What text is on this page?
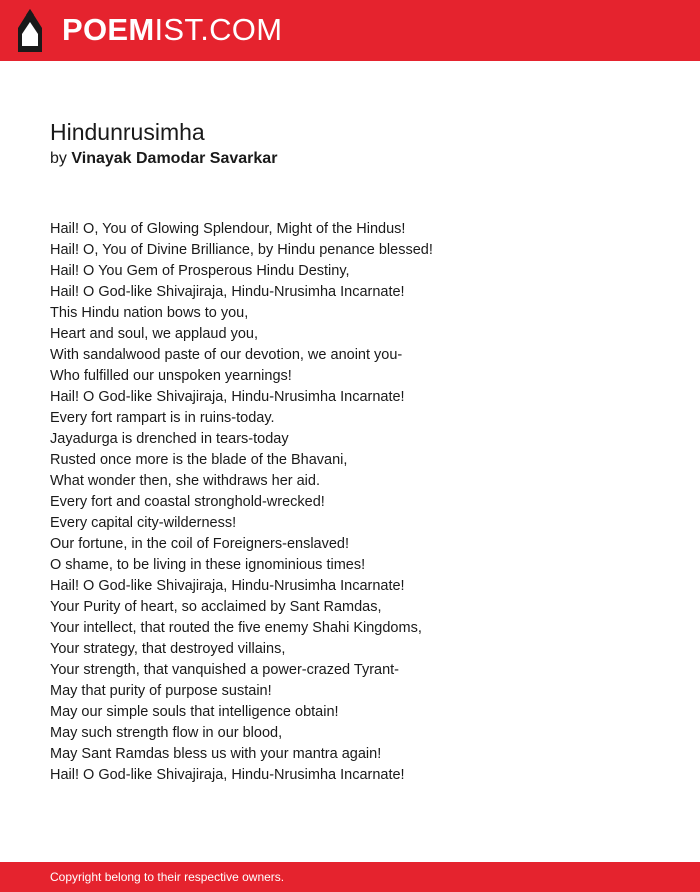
POEMIST.COM
Hindunrusimha
by Vinayak Damodar Savarkar
Hail! O, You of Glowing Splendour, Might of the Hindus!
Hail! O, You of Divine Brilliance, by Hindu penance blessed!
Hail! O You Gem of Prosperous Hindu Destiny,
Hail! O God-like Shivajiraja, Hindu-Nrusimha Incarnate!
This Hindu nation bows to you,
Heart and soul, we applaud you,
With sandalwood paste of our devotion, we anoint you-
Who fulfilled our unspoken yearnings!
Hail! O God-like Shivajiraja, Hindu-Nrusimha Incarnate!
Every fort rampart is in ruins-today.
Jayadurga is drenched in tears-today
Rusted once more is the blade of the Bhavani,
What wonder then, she withdraws her aid.
Every fort and coastal stronghold-wrecked!
Every capital city-wilderness!
Our fortune, in the coil of Foreigners-enslaved!
O shame, to be living in these ignominious times!
Hail! O God-like Shivajiraja, Hindu-Nrusimha Incarnate!
Your Purity of heart, so acclaimed by Sant Ramdas,
Your intellect, that routed the five enemy Shahi Kingdoms,
Your strategy, that destroyed villains,
Your strength, that vanquished a power-crazed Tyrant-
May that purity of purpose sustain!
May our simple souls that intelligence obtain!
May such strength flow in our blood,
May Sant Ramdas bless us with your mantra again!
Hail! O God-like Shivajiraja, Hindu-Nrusimha Incarnate!
Copyright belong to their respective owners.
